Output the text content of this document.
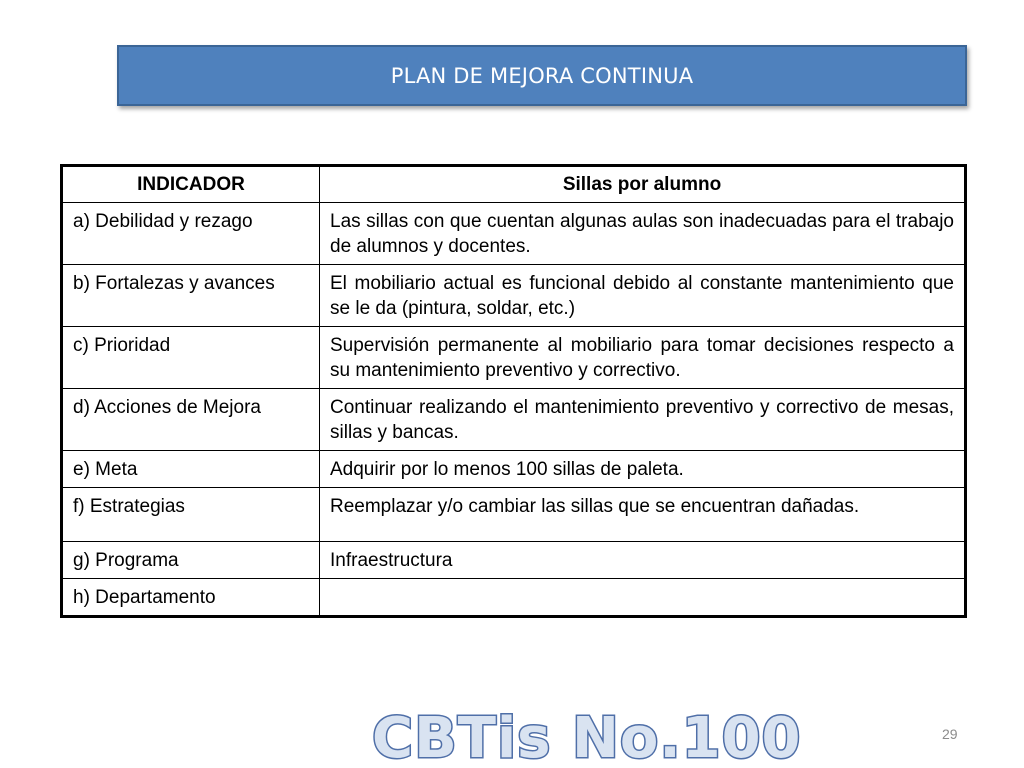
PLAN DE MEJORA CONTINUA
INDICADOR	Sillas por alumno
a) Debilidad y rezago	Las sillas con que cuentan algunas aulas son inadecuadas para el trabajo de alumnos y docentes.
b) Fortalezas y avances	El mobiliario actual es funcional debido al constante mantenimiento que se le da (pintura, soldar, etc.)
c) Prioridad	Supervisión permanente al mobiliario para tomar decisiones respecto a su mantenimiento preventivo y correctivo.
d) Acciones de Mejora	Continuar realizando el mantenimiento preventivo y correctivo de mesas, sillas y bancas.
e) Meta	Adquirir por lo menos 100 sillas de paleta.
f) Estrategias	Reemplazar y/o cambiar las sillas que se encuentran dañadas.
g) Programa	Infraestructura
h) Departamento	
CBTis No.100	29
